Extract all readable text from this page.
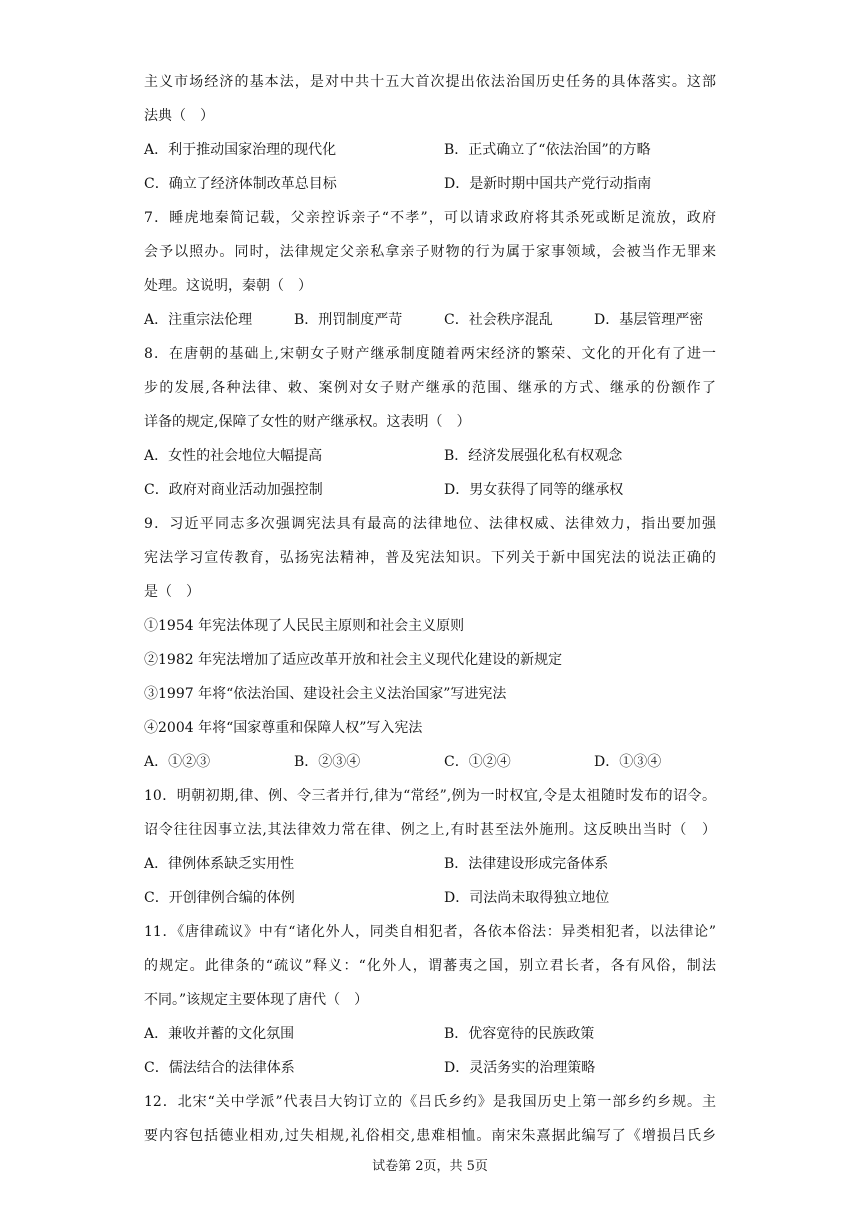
主义市场经济的基本法，是对中共十五大首次提出依法治国历史任务的具体落实。这部
法典（　）
A．利于推动国家治理的现代化	B．正式确立了“依法治国”的方略
C．确立了经济体制改革总目标	D．是新时期中国共产党行动指南
7．睡虎地秦简记载，父亲控诉亲子“不孝”，可以请求政府将其杀死或断足流放，政府
会予以照办。同时，法律规定父亲私拿亲子财物的行为属于家事领域，会被当作无罪来
处理。这说明，秦朝（　）
A．注重宗法伦理	B．刑罚制度严苛	C．社会秩序混乱	D．基层管理严密
8．在唐朝的基础上,宋朝女子财产继承制度随着两宋经济的繁荣、文化的开化有了进一
步的发展,各种法律、敕、案例对女子财产继承的范围、继承的方式、继承的份额作了
详备的规定,保障了女性的财产继承权。这表明（　）
A．女性的社会地位大幅提高	B．经济发展强化私有权观念
C．政府对商业活动加强控制	D．男女获得了同等的继承权
9．习近平同志多次强调宪法具有最高的法律地位、法律权威、法律效力，指出要加强
宪法学习宣传教育，弘扬宪法精神，普及宪法知识。下列关于新中国宪法的说法正确的
是（　）
①1954 年宪法体现了人民民主原则和社会主义原则
②1982 年宪法增加了适应改革开放和社会主义现代化建设的新规定
③1997 年将“依法治国、建设社会主义法治国家”写进宪法
④2004 年将“国家尊重和保障人权”写入宪法
A．①②③	B．②③④	C．①②④	D．①③④
10．明朝初期,律、例、令三者并行,律为“常经”,例为一时权宜,令是太祖随时发布的诏令。
诏令往往因事立法,其法律效力常在律、例之上,有时甚至法外施刑。这反映出当时（　）
A．律例体系缺乏实用性	B．法律建设形成完备体系
C．开创律例合编的体例	D．司法尚未取得独立地位
11．《唐律疏议》中有“诸化外人，同类自相犯者，各依本俗法：异类相犯者，以法律论”
的规定。此律条的“疏议”释义：“化外人，谓蕃夷之国，别立君长者，各有风俗，制法
不同。”该规定主要体现了唐代（　）
A．兼收并蓄的文化氛围	B．优容宽待的民族政策
C．儒法结合的法律体系	D．灵活务实的治理策略
12．北宋“关中学派”代表吕大钧订立的《吕氏乡约》是我国历史上第一部乡约乡规。主
要内容包括德业相劝,过失相规,礼俗相交,患难相恤。南宋朱熹据此编写了《增损吕氏乡
试卷第 2页，共 5页
